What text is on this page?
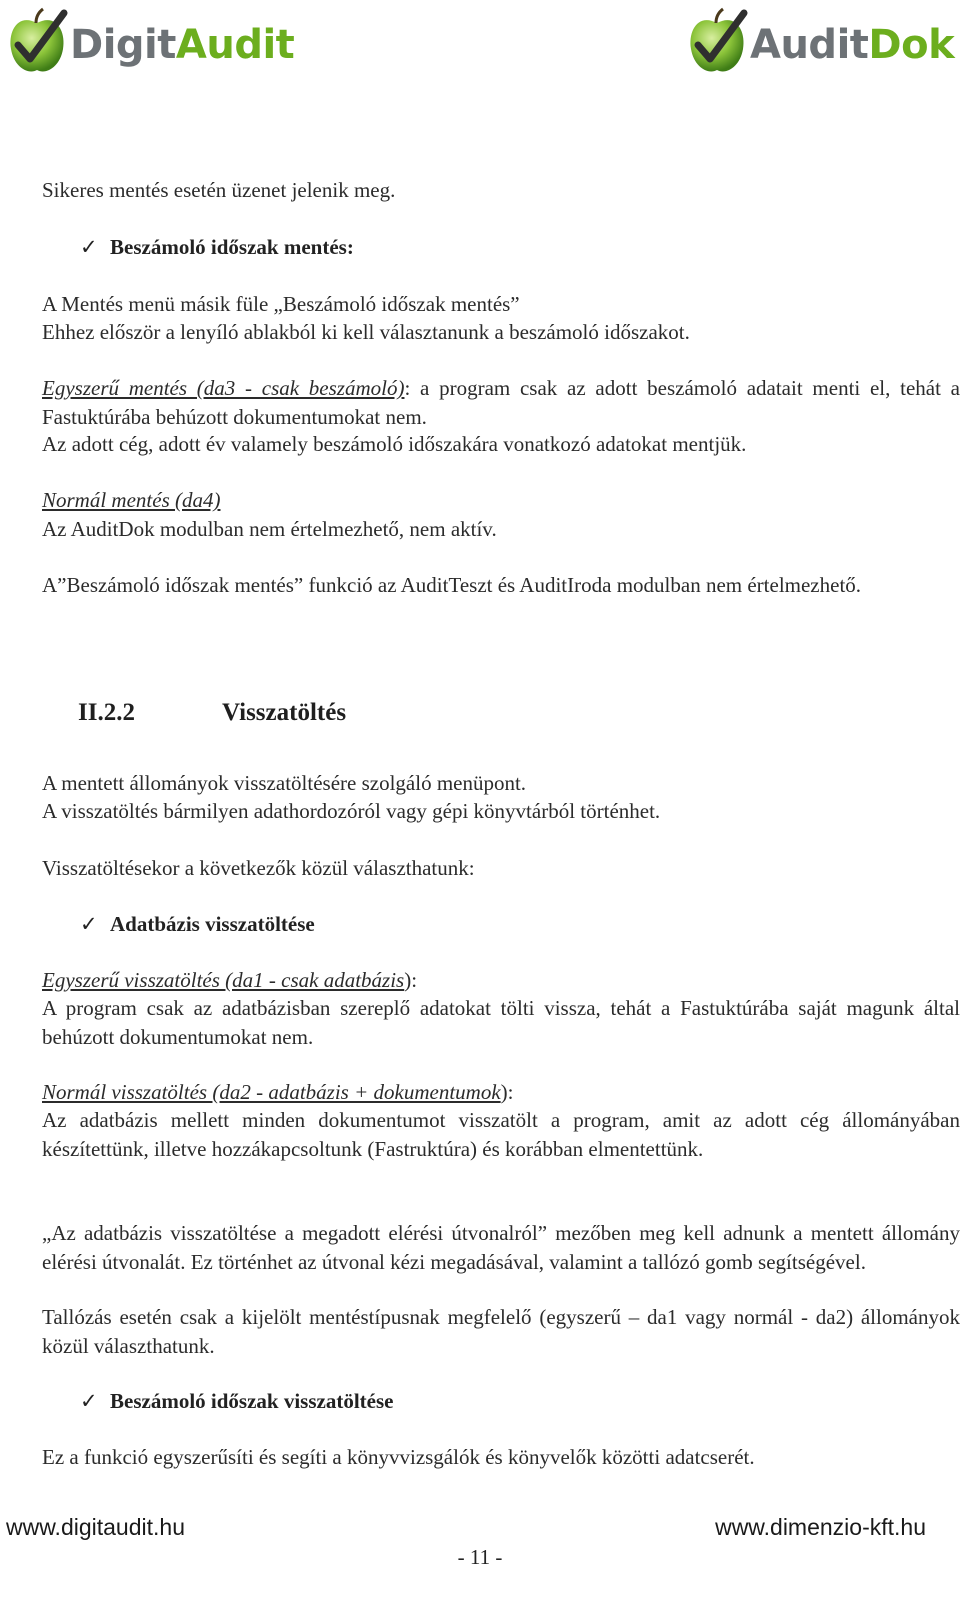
DigitAudit	AuditDok
Sikeres mentés esetén üzenet jelenik meg.
✓ Beszámoló időszak mentés:
A Mentés menü másik füle „Beszámoló időszak mentés”
Ehhez először a lenyíló ablakból ki kell választanunk a beszámoló időszakot.
Egyszerű mentés (da3 - csak beszámoló): a program csak az adott beszámoló adatait menti el, tehát a Fastuktúrába behúzott dokumentumokat nem.
Az adott cég, adott év valamely beszámoló időszakára vonatkozó adatokat mentjük.
Normál mentés (da4)
Az AuditDok modulban nem értelmezhető, nem aktív.
A”Beszámoló időszak mentés” funkció az AuditTeszt és AuditIroda modulban nem értelmezhető.
II.2.2	Visszatöltés
A mentett állományok visszatöltésére szolgáló menüpont.
A visszatöltés bármilyen adathordozóról vagy gépi könyvtárból történhet.
Visszatöltésekor a következők közül választhatunk:
✓ Adatbázis visszatöltése
Egyszerű visszatöltés (da1 - csak adatbázis):
A program csak az adatbázisban szereplő adatokat tölti vissza, tehát a Fastuktúrába saját magunk által behúzott dokumentumokat nem.
Normál visszatöltés (da2 - adatbázis + dokumentumok):
Az adatbázis mellett minden dokumentumot visszatölt a program, amit az adott cég állományában készítettünk, illetve hozzákapcsoltunk (Fastruktúra) és korábban elmentettünk.
„Az adatbázis visszatöltése a megadott elérési útvonalról” mezőben meg kell adnunk a mentett állomány elérési útvonalát. Ez történhet az útvonal kézi megadásával, valamint a tallózó gomb segítségével.
Tallózás esetén csak a kijelölt mentéstípusnak megfelelő (egyszerű – da1 vagy normál - da2) állományok közül választhatunk.
✓ Beszámoló időszak visszatöltése
Ez a funkció egyszerűsíti és segíti a könyvvizsgálók és könyvelők közötti adatcserét.
www.digitaudit.hu	www.dimenzio-kft.hu
- 11 -
